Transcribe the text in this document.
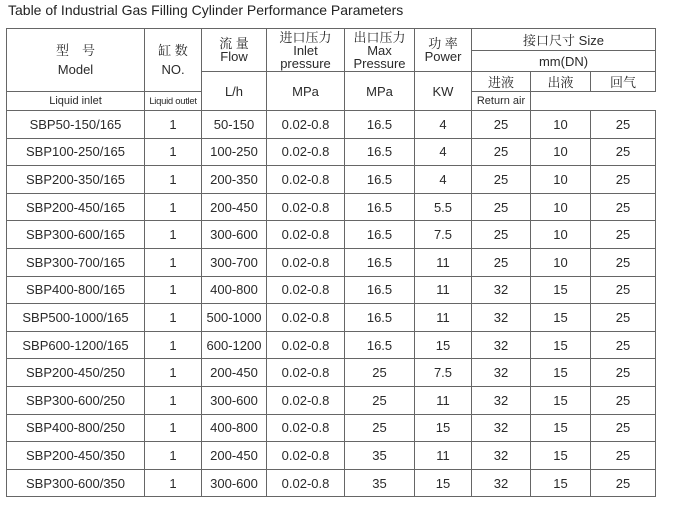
Table of Industrial Gas Filling Cylinder Performance Parameters
型　号
Model	缸 数
NO.	流 量
Flow	进口压力
Inlet
pressure	出口压力
Max
Pressure	功 率
Power	接口尺寸 Size		
						mm(DN)		
		L/h	MPa	MPa	KW	进液	出液	回气
Liquid inlet	Liquid outlet					Return air		
SBP50-150/165	1	50-150	0.02-0.8	16.5	4	25	10	25
SBP100-250/165	1	100-250	0.02-0.8	16.5	4	25	10	25
SBP200-350/165	1	200-350	0.02-0.8	16.5	4	25	10	25
SBP200-450/165	1	200-450	0.02-0.8	16.5	5.5	25	10	25
SBP300-600/165	1	300-600	0.02-0.8	16.5	7.5	25	10	25
SBP300-700/165	1	300-700	0.02-0.8	16.5	11	25	10	25
SBP400-800/165	1	400-800	0.02-0.8	16.5	11	32	15	25
SBP500-1000/165	1	500-1000	0.02-0.8	16.5	11	32	15	25
SBP600-1200/165	1	600-1200	0.02-0.8	16.5	15	32	15	25
SBP200-450/250	1	200-450	0.02-0.8	25	7.5	32	15	25
SBP300-600/250	1	300-600	0.02-0.8	25	11	32	15	25
SBP400-800/250	1	400-800	0.02-0.8	25	15	32	15	25
SBP200-450/350	1	200-450	0.02-0.8	35	11	32	15	25
SBP300-600/350	1	300-600	0.02-0.8	35	15	32	15	25
